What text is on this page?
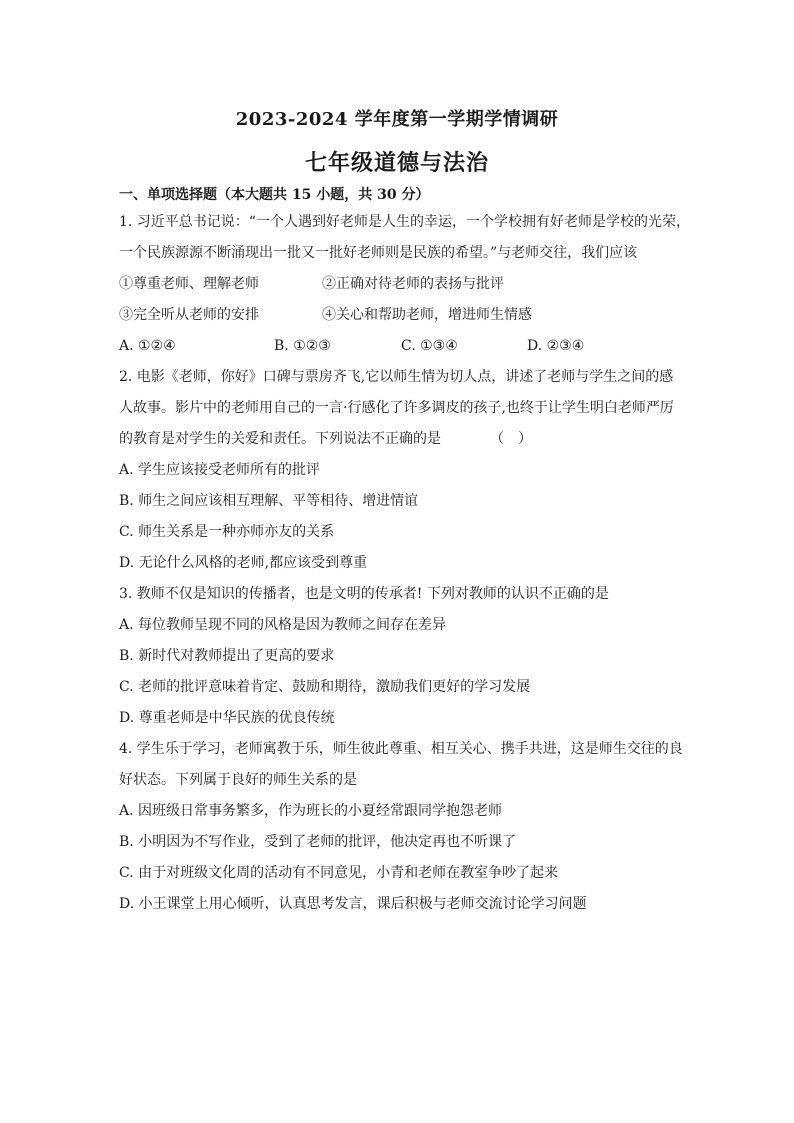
2023-2024 学年度第一学期学情调研
七年级道德与法治
一、单项选择题（本大题共 15 小题，共 30 分）
1. 习近平总书记说：“一个人遇到好老师是人生的幸运，一个学校拥有好老师是学校的光荣，
一个民族源源不断涌现出一批又一批好老师则是民族的希望。”与老师交往，我们应该
①尊重老师、理解老师	②正确对待老师的表扬与批评
③完全听从老师的安排	④关心和帮助老师，增进师生情感
A. ①②④	B. ①②③	C. ①③④	D. ②③④
2. 电影《老师，你好》口碑与票房齐飞,它以师生情为切人点，讲述了老师与学生之间的感
人故事。影片中的老师用自己的一言·行感化了许多调皮的孩子,也终于让学生明白老师严厉
的教育是对学生的关爱和责任。下列说法不正确的是　　　　（　）
A. 学生应该接受老师所有的批评
B. 师生之间应该相互理解、平等相待、增进情谊
C. 师生关系是一种亦师亦友的关系
D. 无论什么风格的老师,都应该受到尊重
3. 教师不仅是知识的传播者，也是文明的传承者! 下列对教师的认识不正确的是
A. 每位教师呈现不同的风格是因为教师之间存在差异
B. 新时代对教师提出了更高的要求
C. 老师的批评意味着肯定、鼓励和期待，激励我们更好的学习发展
D. 尊重老师是中华民族的优良传统
4. 学生乐于学习，老师寓教于乐，师生彼此尊重、相互关心、携手共进，这是师生交往的良
好状态。下列属于良好的师生关系的是
A. 因班级日常事务繁多，作为班长的小夏经常跟同学抱怨老师
B. 小明因为不写作业，受到了老师的批评，他决定再也不听课了
C. 由于对班级文化周的活动有不同意见，小青和老师在教室争吵了起来
D. 小王课堂上用心倾听，认真思考发言，课后积极与老师交流讨论学习问题
